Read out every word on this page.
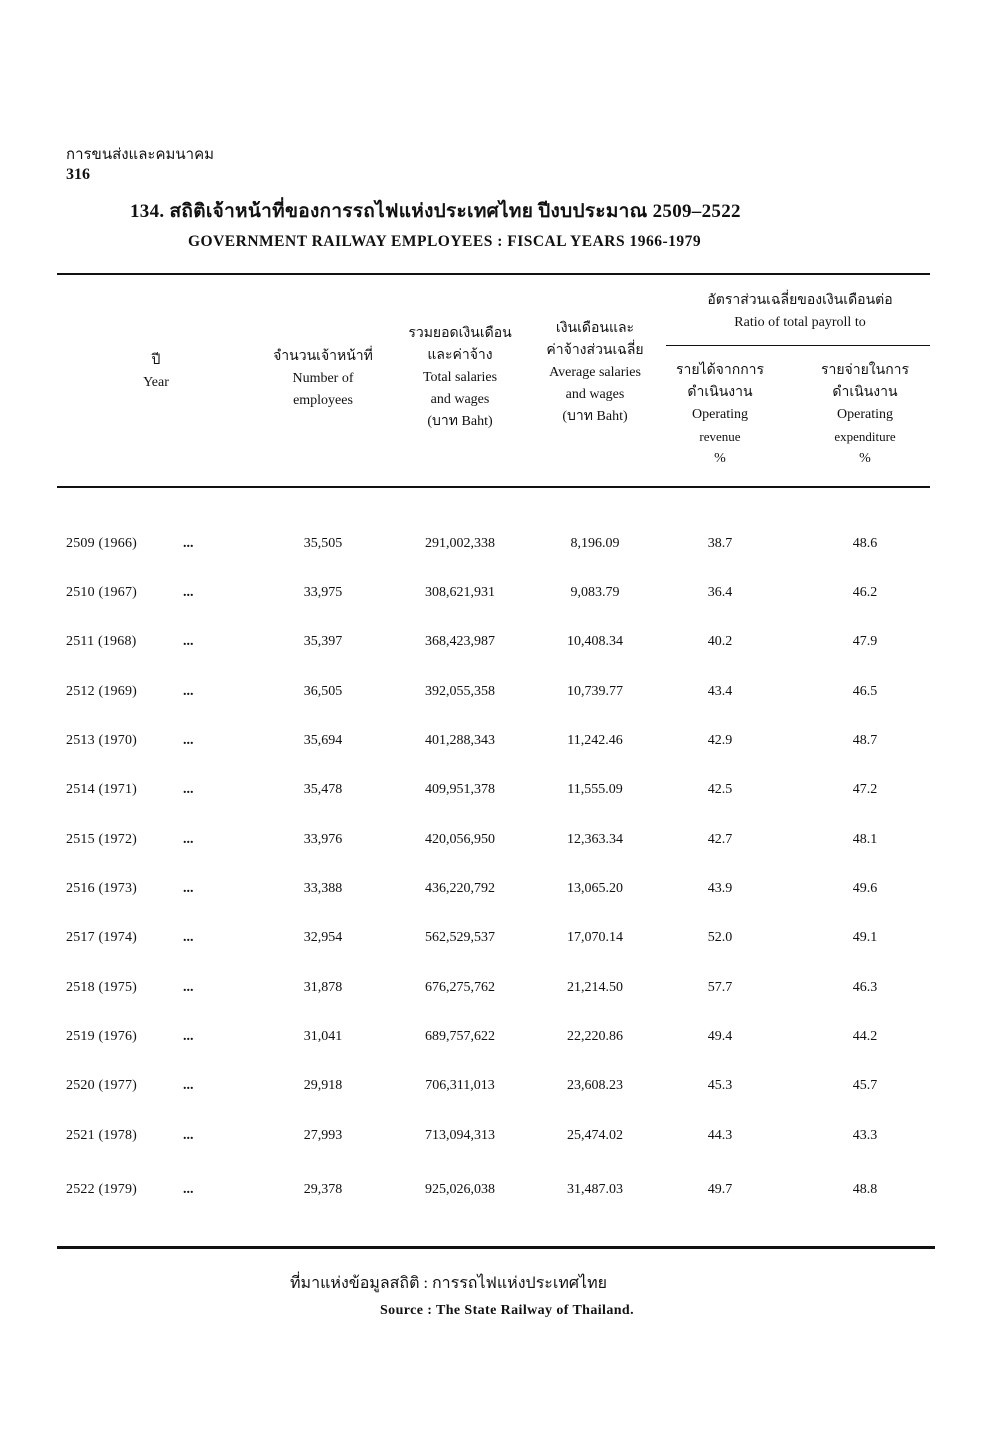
การขนส่งและคมนาคม
316
134. สถิติเจ้าหน้าที่ของการรถไฟแห่งประเทศไทย ปีงบประมาณ 2509–2522
GOVERNMENT RAILWAY EMPLOYEES : FISCAL YEARS 1966-1979
ปี
Year
จำนวนเจ้าหน้าที่
Number of
employees
รวมยอดเงินเดือน
และค่าจ้าง
Total salaries
and wages
(บาท Baht)
เงินเดือนและ
ค่าจ้างส่วนเฉลี่ย
Average salaries
and wages
(บาท Baht)
อัตราส่วนเฉลี่ยของเงินเดือนต่อ
Ratio of total payroll to
รายได้จากการ
ดำเนินงาน
Operating
revenue
%
รายจ่ายในการ
ดำเนินงาน
Operating
expenditure
%
2509 (1966)	...	35,505	291,002,338	8,196.09	38.7	48.6
2510 (1967)	...	33,975	308,621,931	9,083.79	36.4	46.2
2511 (1968)	...	35,397	368,423,987	10,408.34	40.2	47.9
2512 (1969)	...	36,505	392,055,358	10,739.77	43.4	46.5
2513 (1970)	...	35,694	401,288,343	11,242.46	42.9	48.7
2514 (1971)	...	35,478	409,951,378	11,555.09	42.5	47.2
2515 (1972)	...	33,976	420,056,950	12,363.34	42.7	48.1
2516 (1973)	...	33,388	436,220,792	13,065.20	43.9	49.6
2517 (1974)	...	32,954	562,529,537	17,070.14	52.0	49.1
2518 (1975)	...	31,878	676,275,762	21,214.50	57.7	46.3
2519 (1976)	...	31,041	689,757,622	22,220.86	49.4	44.2
2520 (1977)	...	29,918	706,311,013	23,608.23	45.3	45.7
2521 (1978)	...	27,993	713,094,313	25,474.02	44.3	43.3
2522 (1979)	...	29,378	925,026,038	31,487.03	49.7	48.8
ที่มาแห่งข้อมูลสถิติ : การรถไฟแห่งประเทศไทย
Source : The State Railway of Thailand.
